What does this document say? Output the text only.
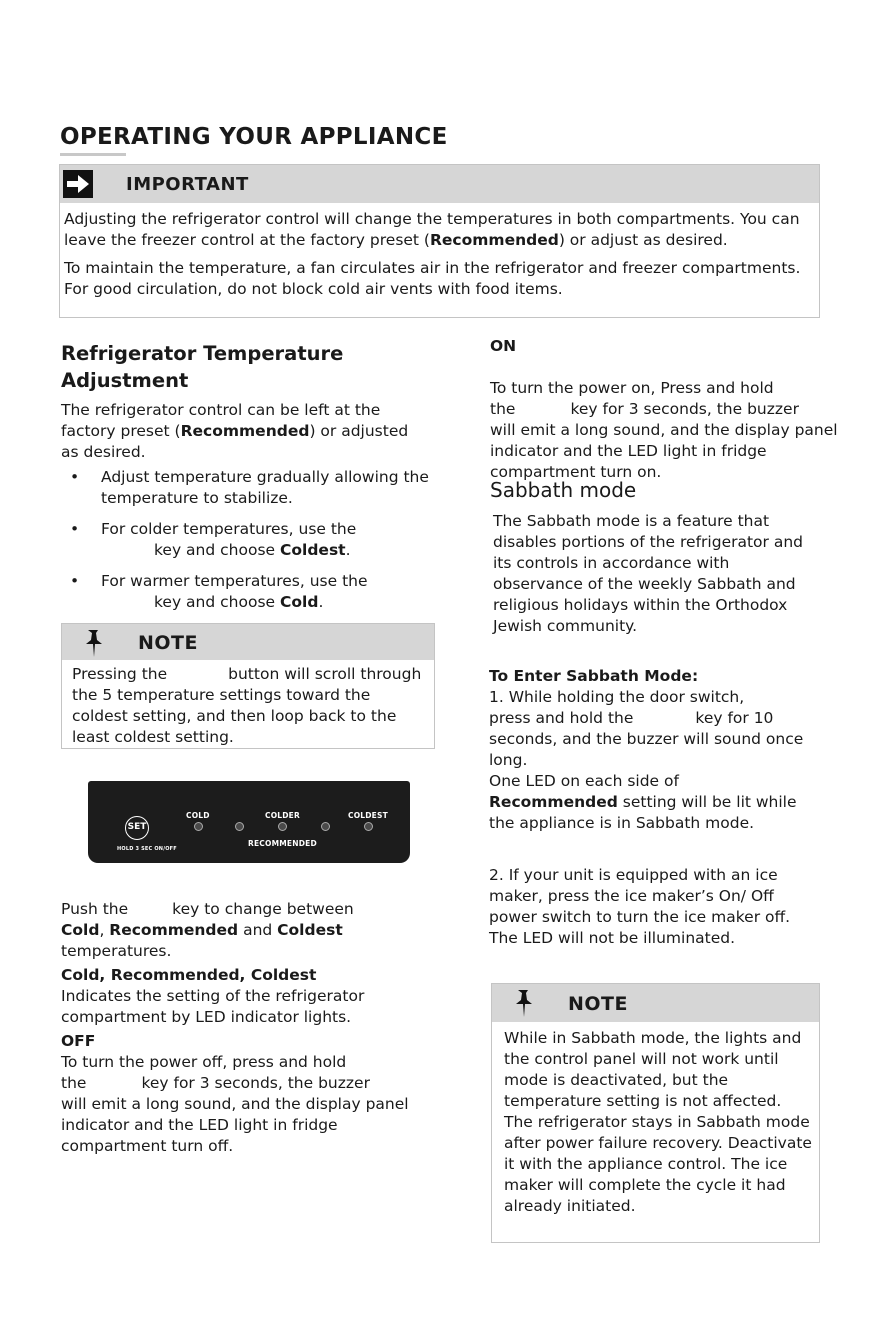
OPERATING YOUR APPLIANCE
IMPORTANT

Adjusting the refrigerator control will change the temperatures in both compartments. You can leave the freezer control at the factory preset (Recommended) or adjust as desired.

To maintain the temperature, a fan circulates air in the refrigerator and freezer compartments. For good circulation, do not block cold air vents with food items.

Refrigerator Temperature Adjustment

The refrigerator control can be left at the factory preset (Recommended) or adjusted as desired.

• Adjust temperature gradually allowing the temperature to stabilize.
• For colder temperatures, use the
key and choose Coldest.
• For warmer temperatures, use the
key and choose Cold.
NOTE
Pressing the	button will scroll through the 5 temperature settings toward the coldest setting, and then loop back to the least coldest setting.
SET
HOLD 3 SEC ON/OFF
COLD	COLDER	COLDEST
RECOMMENDED

Push the	key to change between
Cold, Recommended and Coldest
temperatures.

Cold, Recommended, Coldest
Indicates the setting of the refrigerator compartment by LED indicator lights.

OFF
To turn the power off, press and hold
the	key for 3 seconds, the buzzer
will emit a long sound, and the display panel indicator and the LED light in fridge compartment turn off.

ON

To turn the power on, Press and hold
the	key for 3 seconds, the buzzer
will emit a long sound, and the display panel indicator and the LED light in fridge compartment turn on.

Sabbath mode

The Sabbath mode is a feature that disables portions of the refrigerator and its controls in accordance with observance of the weekly Sabbath and religious holidays within the Orthodox Jewish community.

To Enter Sabbath Mode:
1. While holding the door switch,
press and hold the	key for 10
seconds, and the buzzer will sound once long.
One LED on each side of
Recommended setting will be lit while the appliance is in Sabbath mode.

2. If your unit is equipped with an ice maker, press the ice maker’s On/ Off power switch to turn the ice maker off. The LED will not be illuminated.

NOTE
While in Sabbath mode, the lights and the control panel will not work until mode is deactivated, but the temperature setting is not affected. The refrigerator stays in Sabbath mode after power failure recovery. Deactivate it with the appliance control. The ice maker will complete the cycle it had already initiated.
